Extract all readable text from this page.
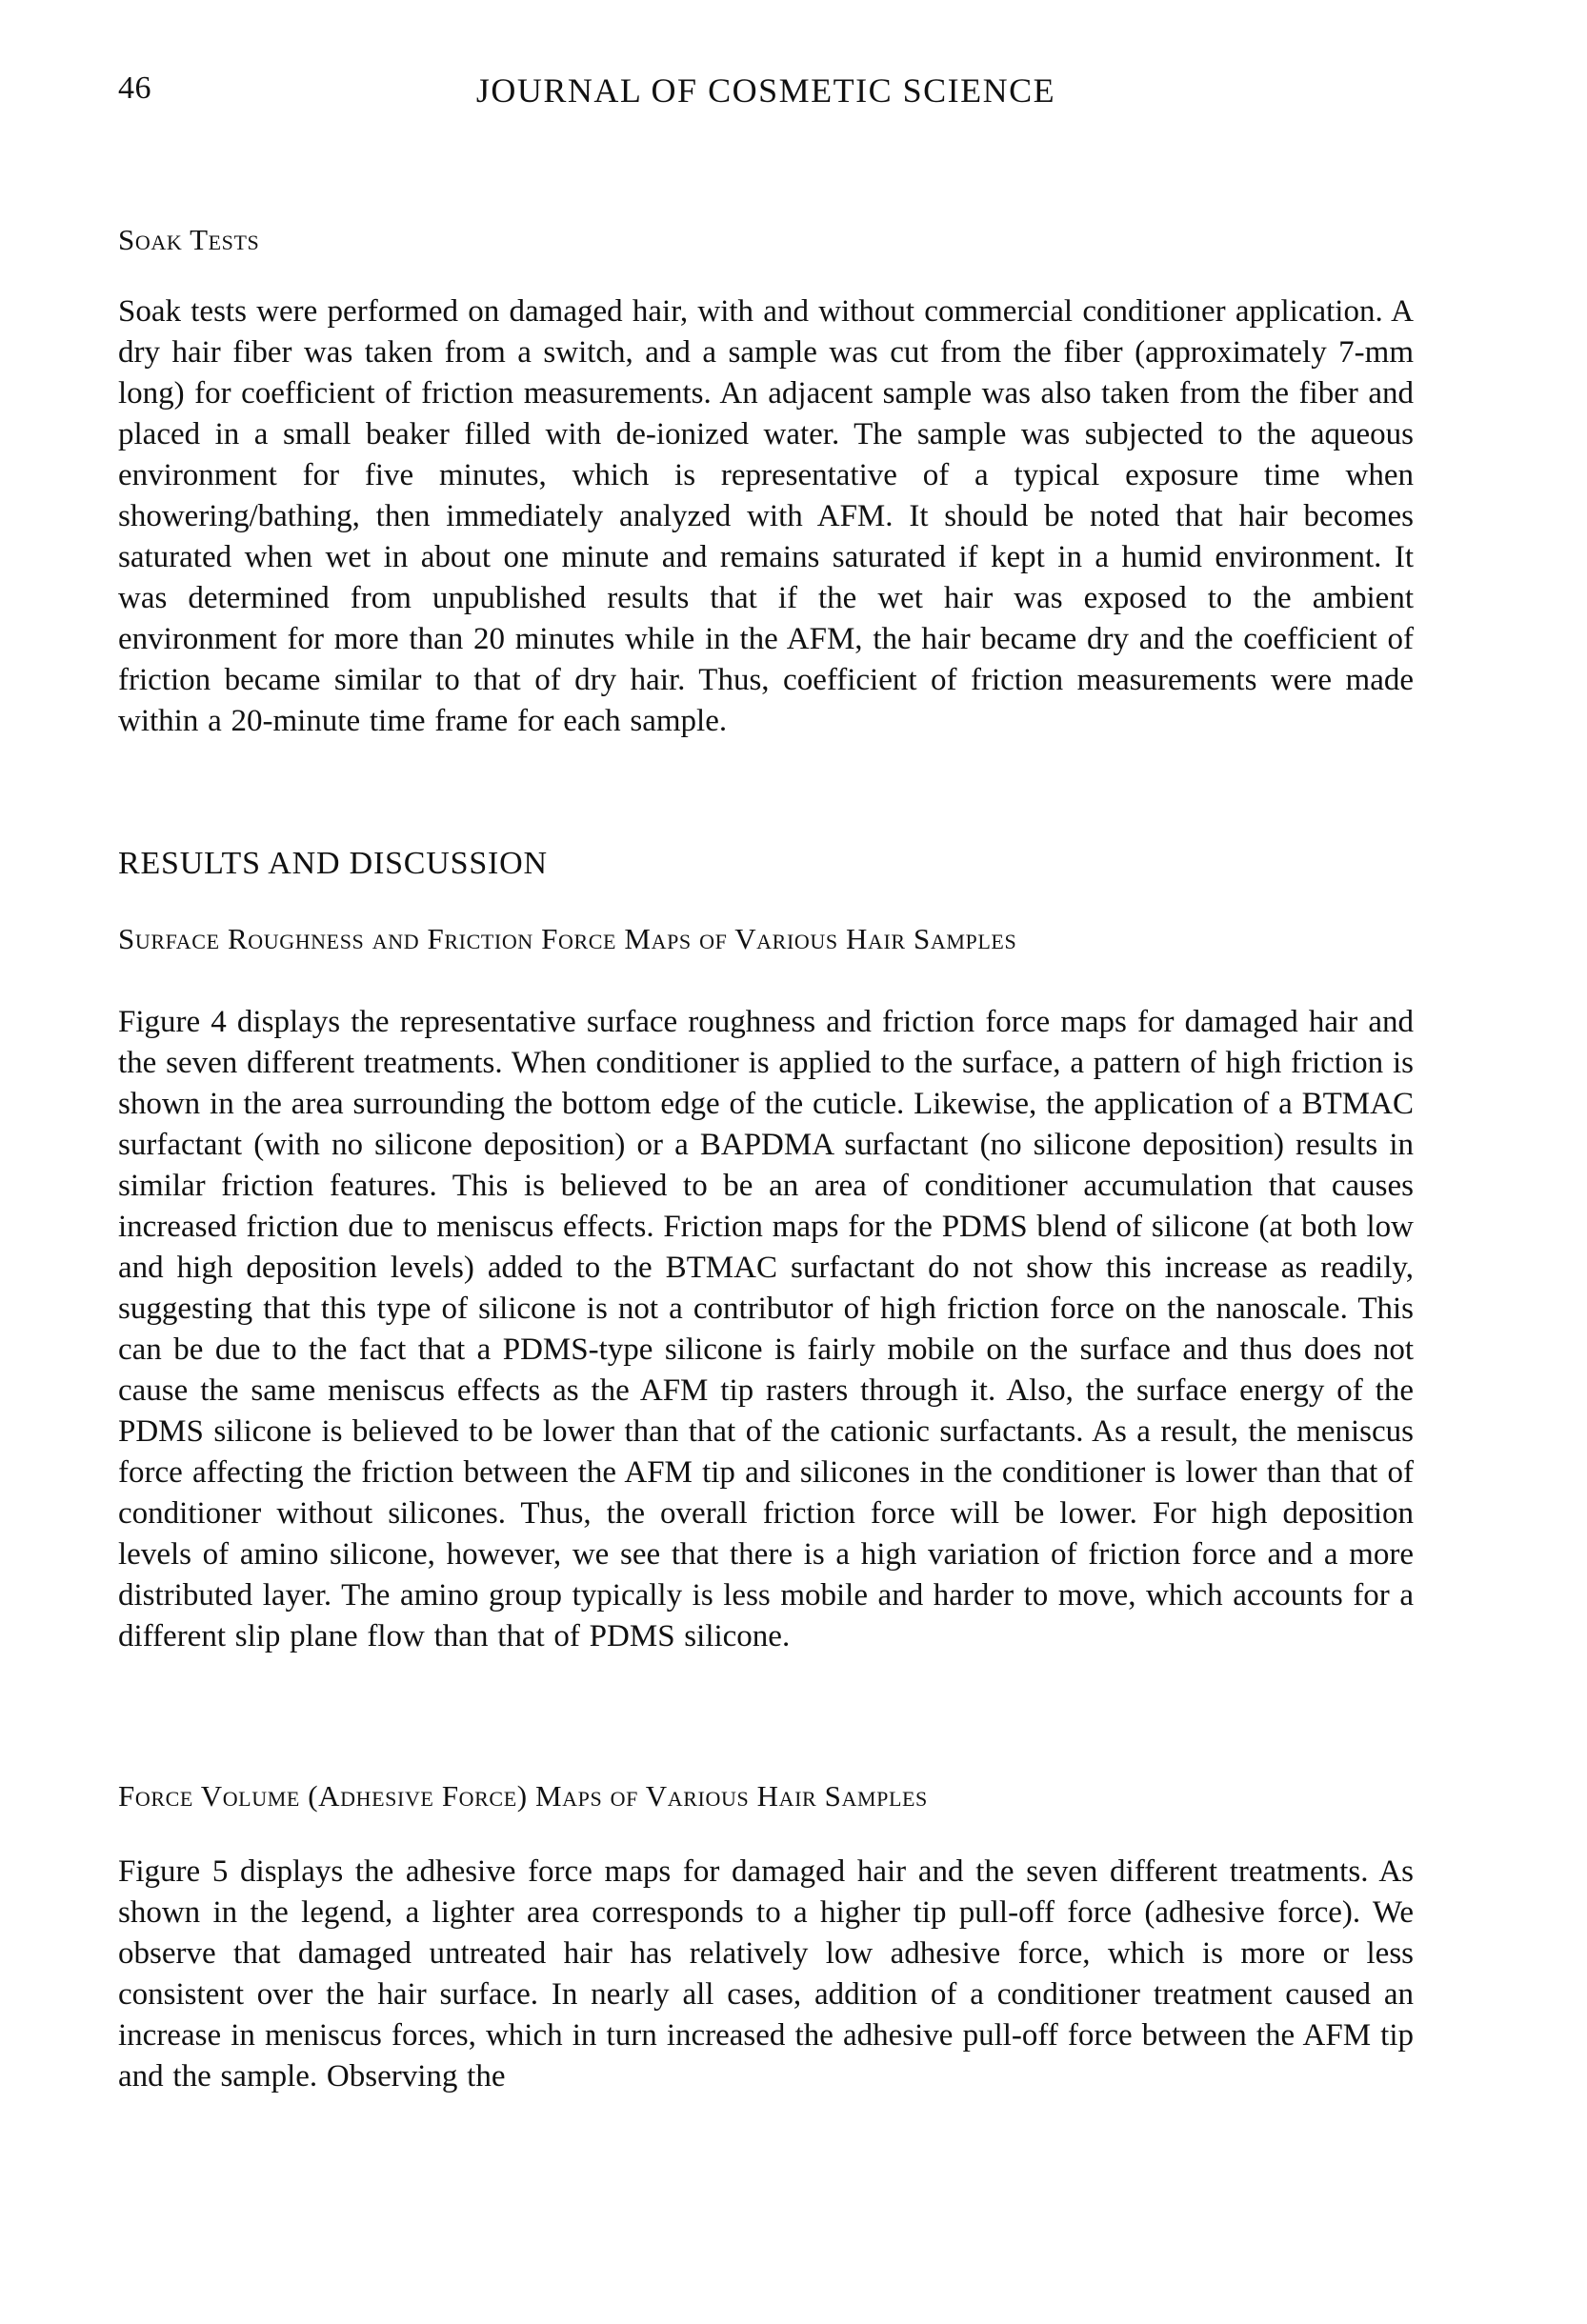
46	JOURNAL OF COSMETIC SCIENCE
Soak Tests
Soak tests were performed on damaged hair, with and without commercial conditioner application. A dry hair fiber was taken from a switch, and a sample was cut from the fiber (approximately 7-mm long) for coefficient of friction measurements. An adjacent sample was also taken from the fiber and placed in a small beaker filled with de-ionized water. The sample was subjected to the aqueous environment for five minutes, which is representative of a typical exposure time when showering/bathing, then immediately analyzed with AFM. It should be noted that hair becomes saturated when wet in about one minute and remains saturated if kept in a humid environment. It was determined from unpublished results that if the wet hair was exposed to the ambient environment for more than 20 minutes while in the AFM, the hair became dry and the coefficient of friction became similar to that of dry hair. Thus, coefficient of friction measurements were made within a 20-minute time frame for each sample.
RESULTS AND DISCUSSION
Surface Roughness and Friction Force Maps of Various Hair Samples
Figure 4 displays the representative surface roughness and friction force maps for damaged hair and the seven different treatments. When conditioner is applied to the surface, a pattern of high friction is shown in the area surrounding the bottom edge of the cuticle. Likewise, the application of a BTMAC surfactant (with no silicone deposition) or a BAPDMA surfactant (no silicone deposition) results in similar friction features. This is believed to be an area of conditioner accumulation that causes increased friction due to meniscus effects. Friction maps for the PDMS blend of silicone (at both low and high deposition levels) added to the BTMAC surfactant do not show this increase as readily, suggesting that this type of silicone is not a contributor of high friction force on the nanoscale. This can be due to the fact that a PDMS-type silicone is fairly mobile on the surface and thus does not cause the same meniscus effects as the AFM tip rasters through it. Also, the surface energy of the PDMS silicone is believed to be lower than that of the cationic surfactants. As a result, the meniscus force affecting the friction between the AFM tip and silicones in the conditioner is lower than that of conditioner without silicones. Thus, the overall friction force will be lower. For high deposition levels of amino silicone, however, we see that there is a high variation of friction force and a more distributed layer. The amino group typically is less mobile and harder to move, which accounts for a different slip plane flow than that of PDMS silicone.
Force Volume (Adhesive Force) Maps of Various Hair Samples
Figure 5 displays the adhesive force maps for damaged hair and the seven different treatments. As shown in the legend, a lighter area corresponds to a higher tip pull-off force (adhesive force). We observe that damaged untreated hair has relatively low adhesive force, which is more or less consistent over the hair surface. In nearly all cases, addition of a conditioner treatment caused an increase in meniscus forces, which in turn increased the adhesive pull-off force between the AFM tip and the sample. Observing the
